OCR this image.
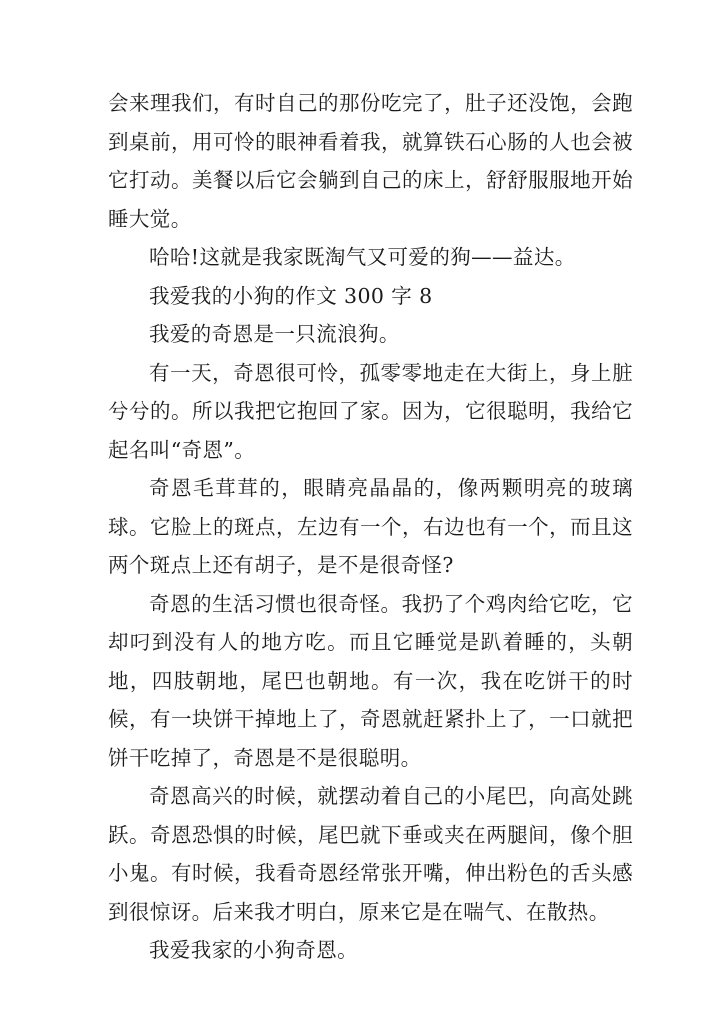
会来理我们，有时自己的那份吃完了，肚子还没饱，会跑到桌前，用可怜的眼神看着我，就算铁石心肠的人也会被它打动。美餐以后它会躺到自己的床上，舒舒服服地开始睡大觉。

哈哈!这就是我家既淘气又可爱的狗——益达。

我爱我的小狗的作文 300 字 8

我爱的奇恩是一只流浪狗。

有一天，奇恩很可怜，孤零零地走在大街上，身上脏兮兮的。所以我把它抱回了家。因为，它很聪明，我给它起名叫“奇恩”。

奇恩毛茸茸的，眼睛亮晶晶的，像两颗明亮的玻璃球。它脸上的斑点，左边有一个，右边也有一个，而且这两个斑点上还有胡子，是不是很奇怪?

奇恩的生活习惯也很奇怪。我扔了个鸡肉给它吃，它却叼到没有人的地方吃。而且它睡觉是趴着睡的，头朝地，四肢朝地，尾巴也朝地。有一次，我在吃饼干的时候，有一块饼干掉地上了，奇恩就赶紧扑上了，一口就把饼干吃掉了，奇恩是不是很聪明。

奇恩高兴的时候，就摆动着自己的小尾巴，向高处跳跃。奇恩恐惧的时候，尾巴就下垂或夹在两腿间，像个胆小鬼。有时候，我看奇恩经常张开嘴，伸出粉色的舌头感到很惊讶。后来我才明白，原来它是在喘气、在散热。

我爱我家的小狗奇恩。
